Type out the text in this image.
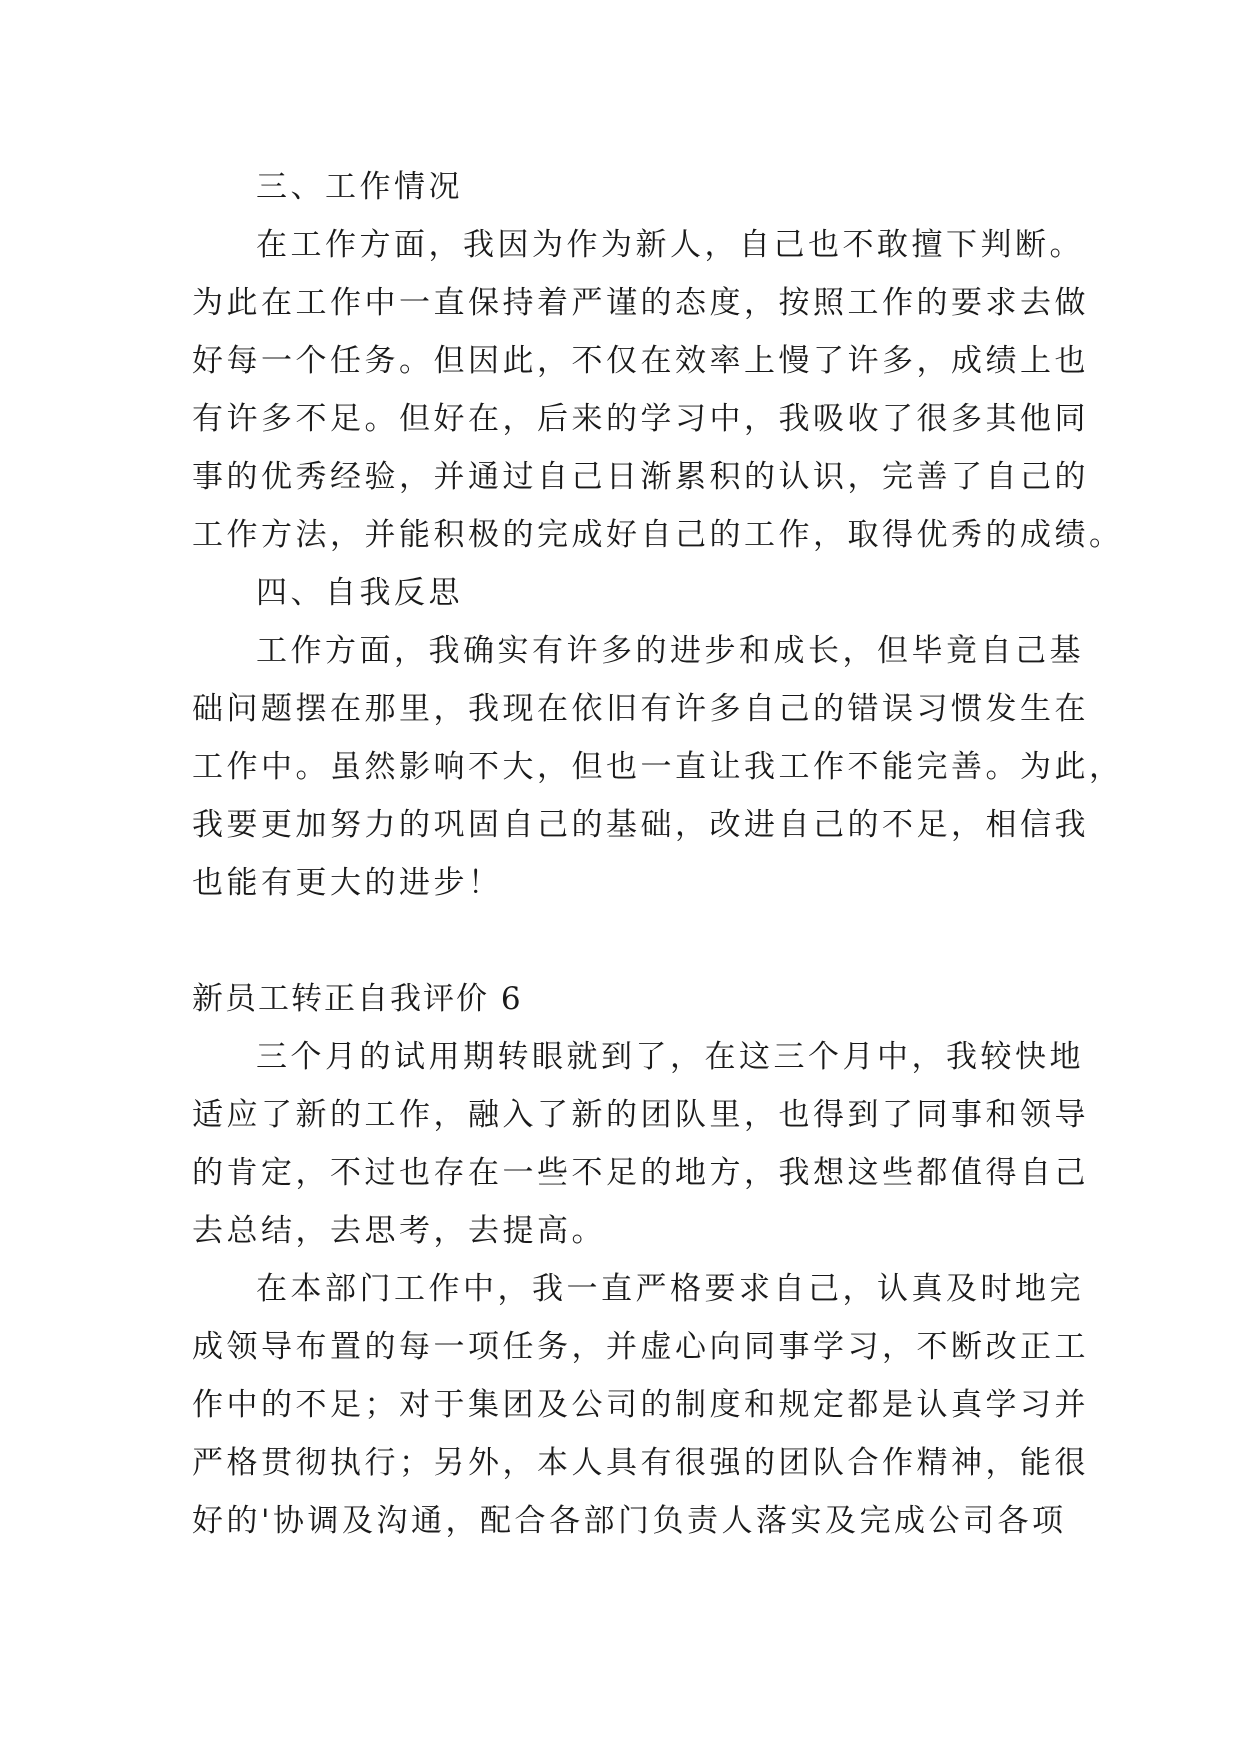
三、工作情况
在工作方面，我因为作为新人，自己也不敢擅下判断。
为此在工作中一直保持着严谨的态度，按照工作的要求去做
好每一个任务。但因此，不仅在效率上慢了许多，成绩上也
有许多不足。但好在，后来的学习中，我吸收了很多其他同
事的优秀经验，并通过自己日渐累积的认识，完善了自己的
工作方法，并能积极的完成好自己的工作，取得优秀的成绩。
四、自我反思
工作方面，我确实有许多的进步和成长，但毕竟自己基
础问题摆在那里，我现在依旧有许多自己的错误习惯发生在
工作中。虽然影响不大，但也一直让我工作不能完善。为此，
我要更加努力的巩固自己的基础，改进自己的不足，相信我
也能有更大的进步！
新员工转正自我评价 6
三个月的试用期转眼就到了，在这三个月中，我较快地
适应了新的工作，融入了新的团队里，也得到了同事和领导
的肯定，不过也存在一些不足的地方，我想这些都值得自己
去总结，去思考，去提高。
在本部门工作中，我一直严格要求自己，认真及时地完
成领导布置的每一项任务，并虚心向同事学习，不断改正工
作中的不足；对于集团及公司的制度和规定都是认真学习并
严格贯彻执行；另外，本人具有很强的团队合作精神，能很
好的'协调及沟通，配合各部门负责人落实及完成公司各项
